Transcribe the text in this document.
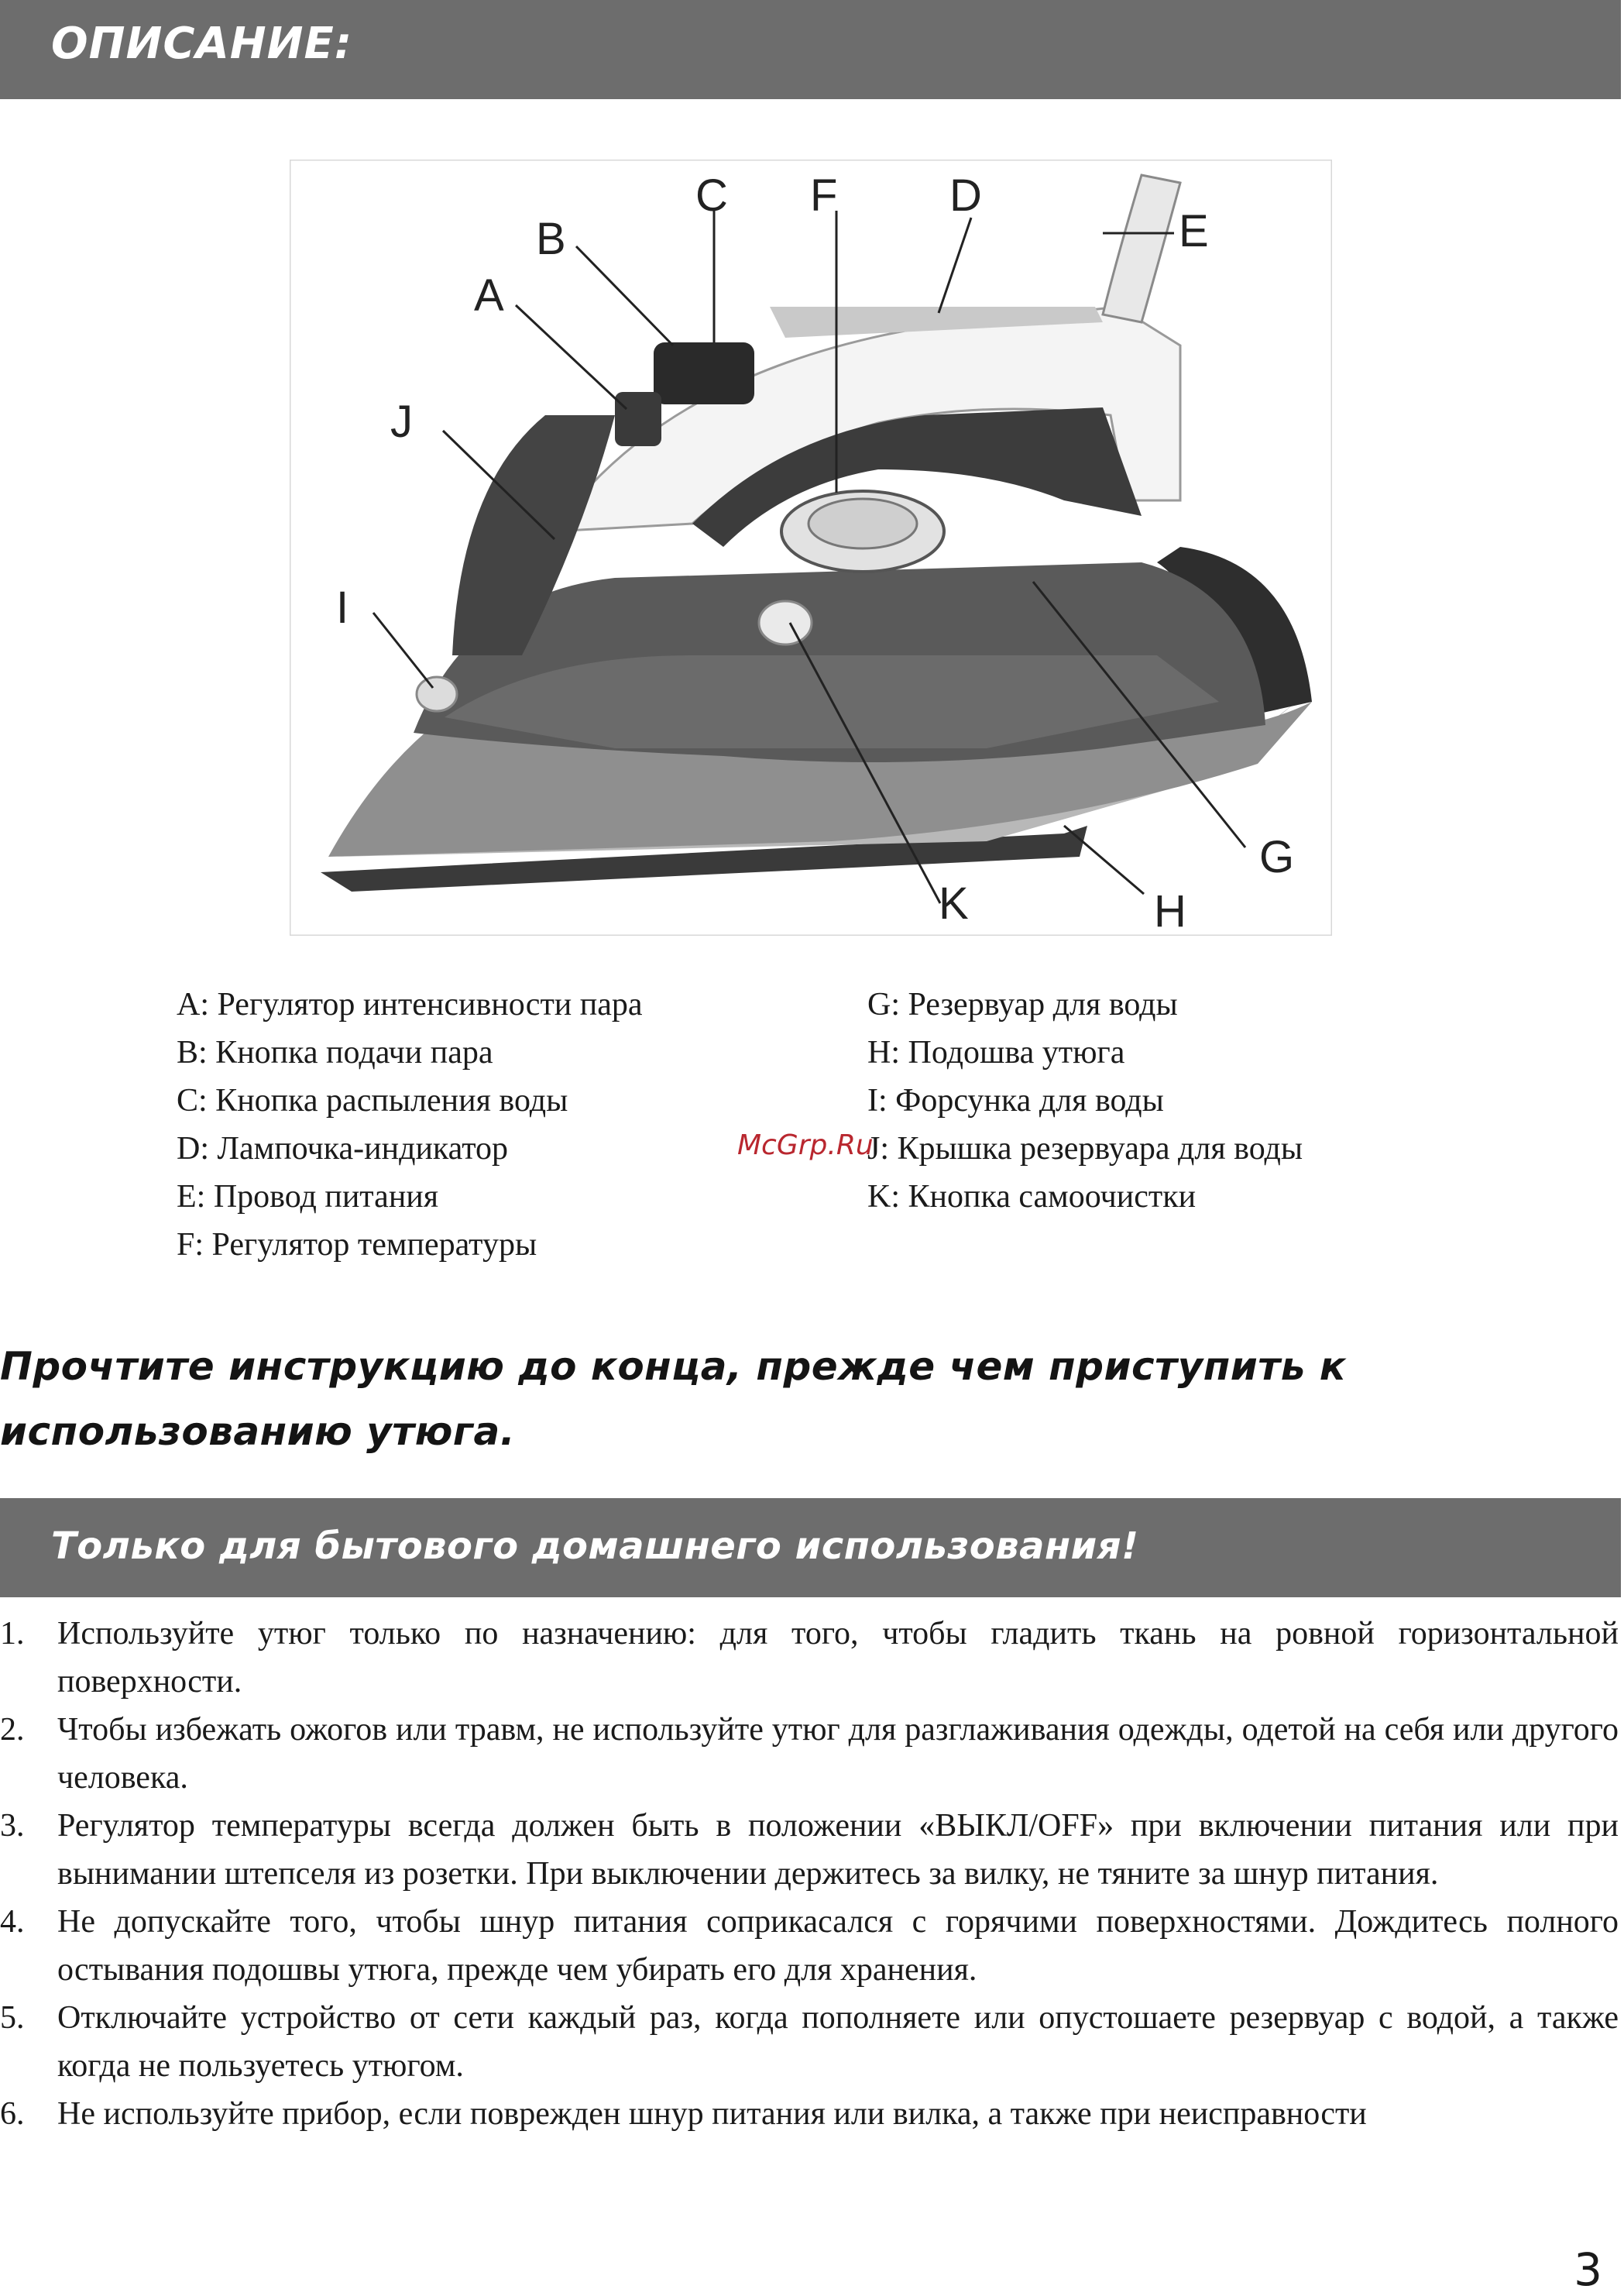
ОПИСАНИЕ:
A
B
C F D
E
J
I
G
K	H
A: Регулятор интенсивности пара
B: Кнопка подачи пара
C: Кнопка распыления воды
D: Лампочка-индикатор
E: Провод питания
F: Регулятор температуры
G: Резервуар для воды
H: Подошва утюга
I: Форсунка для воды
J: Крышка резервуара для воды
K: Кнопка самоочистки
McGrp.Ru
Прочтите инструкцию до конца, прежде чем приступить к
использованию утюга.
Только для бытового домашнего использования!
1. Используйте утюг только по назначению: для того, чтобы гладить ткань на ровной горизонтальной поверхности.
2. Чтобы избежать ожогов или травм, не используйте утюг для разглаживания одежды, одетой на себя или другого человека.
3. Регулятор температуры всегда должен быть в положении «ВЫКЛ/OFF» при включении питания или при вынимании штепселя из розетки. При выключении держитесь за вилку, не тяните за шнур питания.
4. Не допускайте того, чтобы шнур питания соприкасался с горячими поверхностями. Дождитесь полного остывания подошвы утюга, прежде чем убирать его для хранения.
5. Отключайте устройство от сети каждый раз, когда пополняете или опустошаете резервуар с водой, а также когда не пользуетесь утюгом.
6. Не используйте прибор, если поврежден шнур питания или вилка, а также при неисправности
3
